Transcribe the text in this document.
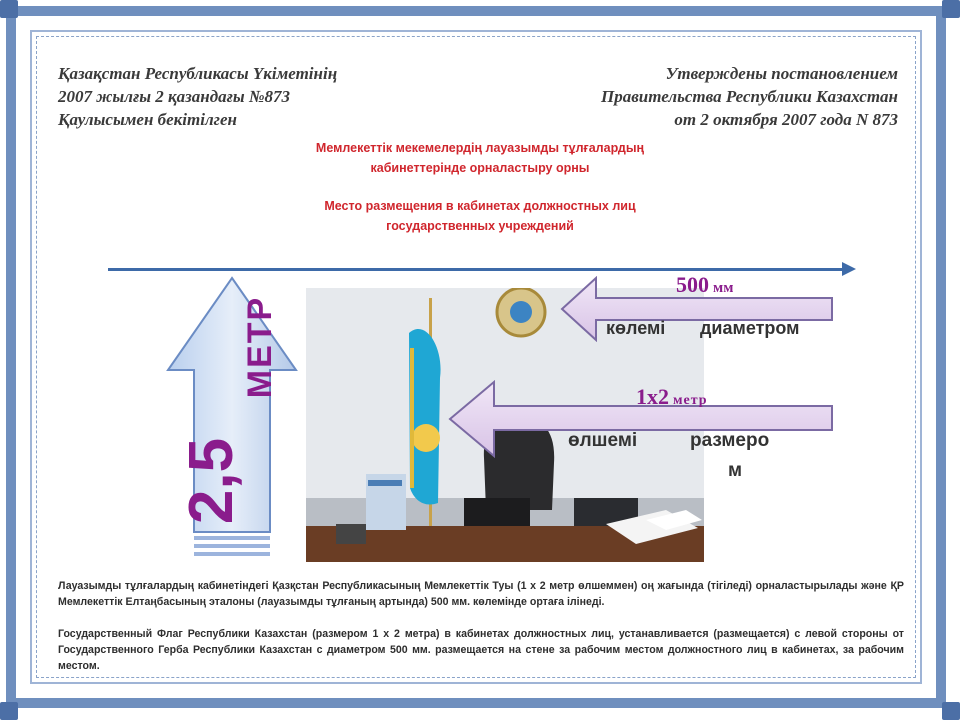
Қазақстан Республикасы Үкіметінің
2007 жылғы 2 қазандағы №873
Қаулысымен бекітілген
Утверждены постановлением
Правительства Республики Казахстан
от 2 октября 2007 года N 873
Мемлекеттік мекемелердің лауазымды тұлғалардың
кабинеттерінде орналастыру орны
Место размещения в кабинетах должностных лиц
государственных учреждений
2,5
МЕТР
500 мм
көлемі диаметром
1х2 метр
өлшемі	размеро
м
Лауазымды тұлғалардың кабинетіндегі Қазқстан Республикасының Мемлекеттік Туы (1 х 2 метр өлшеммен) оң жағында (тігіледі) орналастырылады және ҚР Мемлекеттік Елтаңбасының эталоны (лауазымды тұлғаның артында) 500 мм. көлемінде ортаға ілінеді.
Государственный Флаг Республики Казахстан (размером 1 х 2 метра) в кабинетах должностных лиц, устанавливается (размещается) с левой стороны от Государственного Герба Республики Казахстан с диаметром 500 мм. размещается на стене за рабочим местом должностного лиц в кабинетах, за рабочим местом.
